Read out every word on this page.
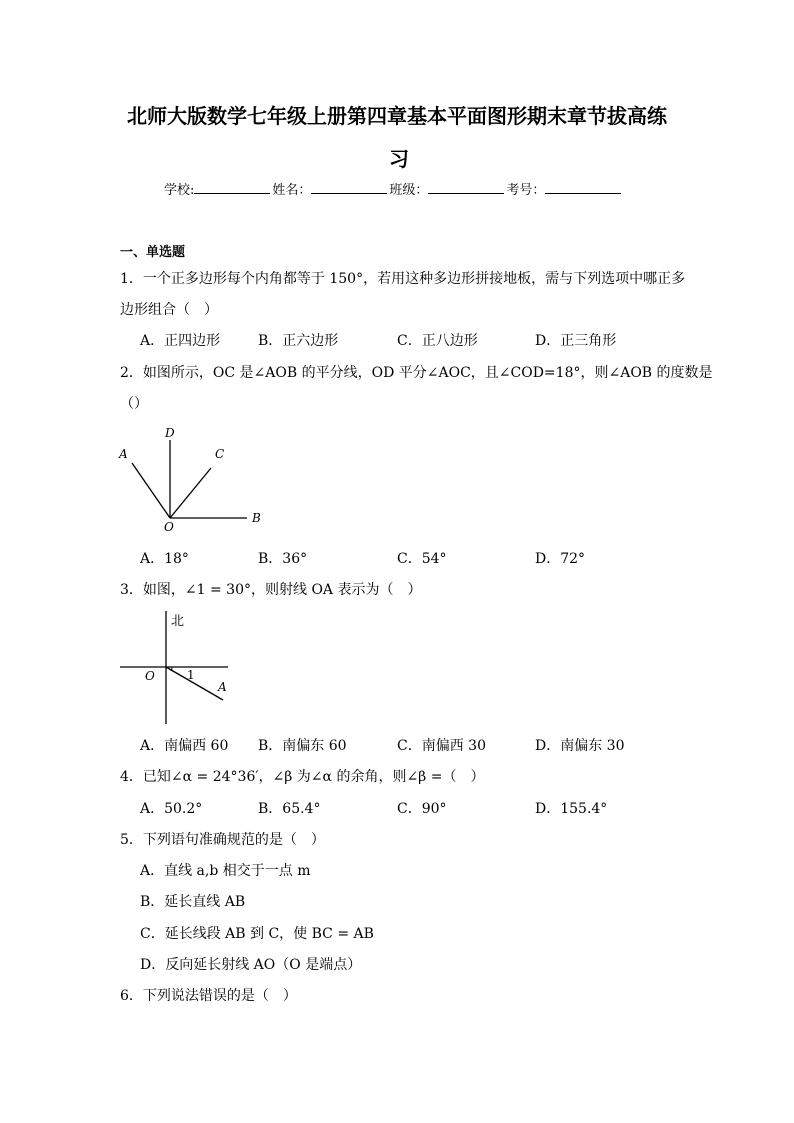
北师大版数学七年级上册第四章基本平面图形期末章节拔高练
习
学校:	姓名：	班级：	考号：
一、单选题
1．一个正多边形每个内角都等于 150°，若用这种多边形拼接地板，需与下列选项中哪正多
边形组合（　）
A．正四边形	B．正六边形	C．正八边形	D．正三角形
2．如图所示，OC 是∠AOB 的平分线，OD 平分∠AOC，且∠COD=18°，则∠AOB 的度数是
（）
A
D
C
O
B
A．18°	B．36°	C．54°	D．72°
3．如图，∠1 = 30°，则射线 OA 表示为（　）
北
O	1
A
A．南偏西 60 B．南偏东 60	C．南偏西 30	D．南偏东 30
4．已知∠α = 24°36′，∠β 为∠α 的余角，则∠β =（　）
A．50.2°	B．65.4°	C．90°	D．155.4°
5．下列语句准确规范的是（　）
A．直线 a,b 相交于一点 m
B．延长直线 AB
C．延长线段 AB 到 C，使 BC = AB
D．反向延长射线 AO（O 是端点）
6．下列说法错误的是（　）
